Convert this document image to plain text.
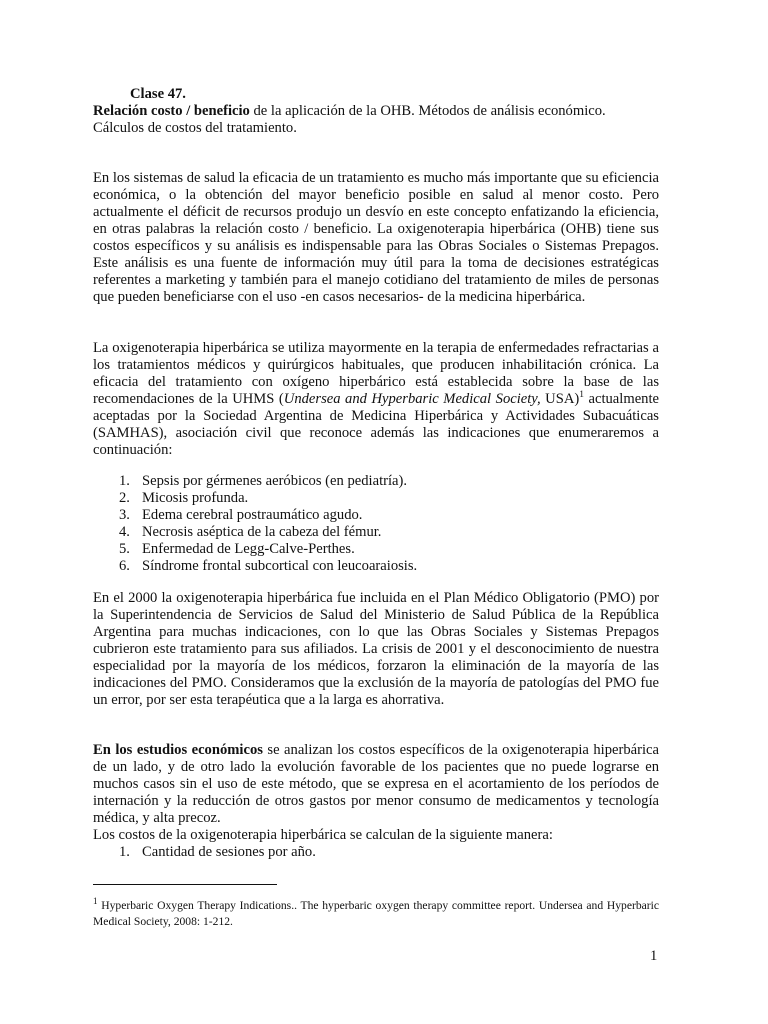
Clase 47.
Relación costo / beneficio de la aplicación de la OHB. Métodos de análisis económico.
Cálculos de costos del tratamiento.

En los sistemas de salud la eficacia de un tratamiento es mucho más importante que su eficiencia económica, o la obtención del mayor beneficio posible en salud al menor costo. Pero actualmente el déficit de recursos produjo un desvío en este concepto enfatizando la eficiencia, en otras palabras la relación costo / beneficio. La oxigenoterapia hiperbárica (OHB) tiene sus costos específicos y su análisis es indispensable para las Obras Sociales o Sistemas Prepagos. Este análisis es una fuente de información muy útil para la toma de decisiones estratégicas referentes a marketing y también para el manejo cotidiano del tratamiento de miles de personas que pueden beneficiarse con el uso -en casos necesarios- de la medicina hiperbárica.

La oxigenoterapia hiperbárica se utiliza mayormente en la terapia de enfermedades refractarias a los tratamientos médicos y quirúrgicos habituales, que producen inhabilitación crónica. La eficacia del tratamiento con oxígeno hiperbárico está establecida sobre la base de las recomendaciones de la UHMS (Undersea and Hyperbaric Medical Society, USA)$^1$ actualmente aceptadas por la Sociedad Argentina de Medicina Hiperbárica y Actividades Subacuáticas (SAMHAS), asociación civil que reconoce además las indicaciones que enumeraremos a continuación:

1. Sepsis por gérmenes aeróbicos (en pediatría).
2. Micosis profunda.
3. Edema cerebral postraumático agudo.
4. Necrosis aséptica de la cabeza del fémur.
5. Enfermedad de Legg-Calve-Perthes.
6. Síndrome frontal subcortical con leucoaraiosis.

En el 2000 la oxigenoterapia hiperbárica fue incluida en el Plan Médico Obligatorio (PMO) por la Superintendencia de Servicios de Salud del Ministerio de Salud Pública de la República Argentina para muchas indicaciones, con lo que las Obras Sociales y Sistemas Prepagos cubrieron este tratamiento para sus afiliados. La crisis de 2001 y el desconocimiento de nuestra especialidad por la mayoría de los médicos, forzaron la eliminación de la mayoría de las indicaciones del PMO. Consideramos que la exclusión de la mayoría de patologías del PMO fue un error, por ser esta terapéutica que a la larga es ahorrativa.

En los estudios económicos se analizan los costos específicos de la oxigenoterapia hiperbárica de un lado, y de otro lado la evolución favorable de los pacientes que no puede lograrse en muchos casos sin el uso de este método, que se expresa en el acortamiento de los períodos de internación y la reducción de otros gastos por menor consumo de medicamentos y tecnología médica, y alta precoz.

Los costos de la oxigenoterapia hiperbárica se calculan de la siguiente manera:
1. Cantidad de sesiones por año.
$^1$ Hyperbaric Oxygen Therapy Indications.. The hyperbaric oxygen therapy committee report. Undersea and Hyperbaric Medical Society, 2008: 1-212.
1
